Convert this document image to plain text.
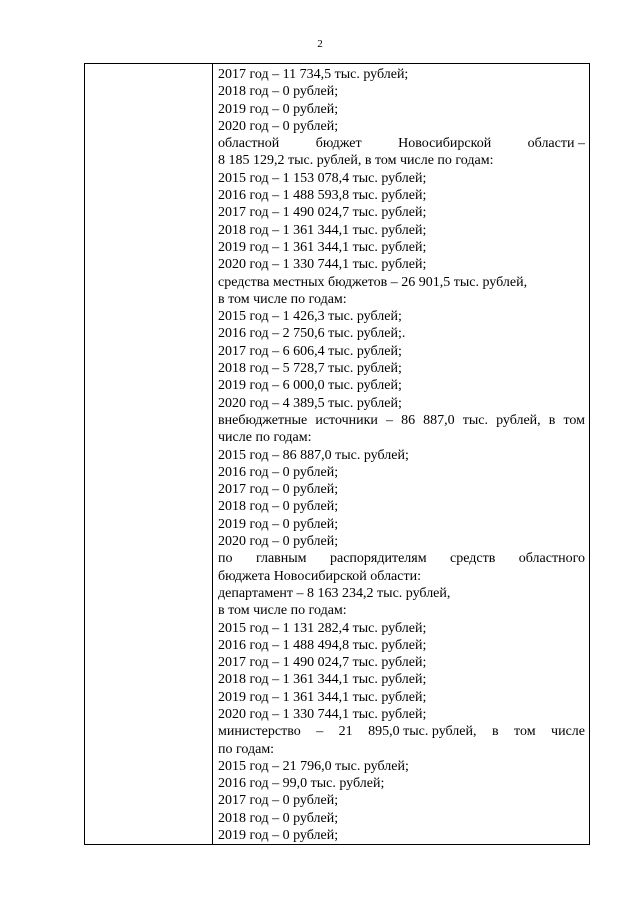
2
2017 год – 11 734,5 тыс. рублей;
2018 год – 0 рублей;
2019 год – 0 рублей;
2020 год – 0 рублей;
областной	бюджет	Новосибирской	области –
8 185 129,2 тыс. рублей, в том числе по годам:
2015 год – 1 153 078,4 тыс. рублей;
2016 год – 1 488 593,8 тыс. рублей;
2017 год – 1 490 024,7 тыс. рублей;
2018 год – 1 361 344,1 тыс. рублей;
2019 год – 1 361 344,1 тыс. рублей;
2020 год – 1 330 744,1 тыс. рублей;
средства местных бюджетов – 26 901,5 тыс. рублей,
в том числе по годам:
2015 год – 1 426,3 тыс. рублей;
2016 год – 2 750,6 тыс. рублей;.
2017 год – 6 606,4 тыс. рублей;
2018 год – 5 728,7 тыс. рублей;
2019 год – 6 000,0 тыс. рублей;
2020 год – 4 389,5 тыс. рублей;
внебюджетные источники – 86 887,0 тыс. рублей, в том
числе по годам:
2015 год – 86 887,0 тыс. рублей;
2016 год – 0 рублей;
2017 год – 0 рублей;
2018 год – 0 рублей;
2019 год – 0 рублей;
2020 год – 0 рублей;
по главным распорядителям средств областного
бюджета Новосибирской области:
департамент – 8 163 234,2 тыс. рублей,
в том числе по годам:
2015 год – 1 131 282,4 тыс. рублей;
2016 год – 1 488 494,8 тыс. рублей;
2017 год – 1 490 024,7 тыс. рублей;
2018 год – 1 361 344,1 тыс. рублей;
2019 год – 1 361 344,1 тыс. рублей;
2020 год – 1 330 744,1 тыс. рублей;
министерство – 21 895,0 тыс. рублей, в том числе
по годам:
2015 год – 21 796,0 тыс. рублей;
2016 год – 99,0 тыс. рублей;
2017 год – 0 рублей;
2018 год – 0 рублей;
2019 год – 0 рублей;
